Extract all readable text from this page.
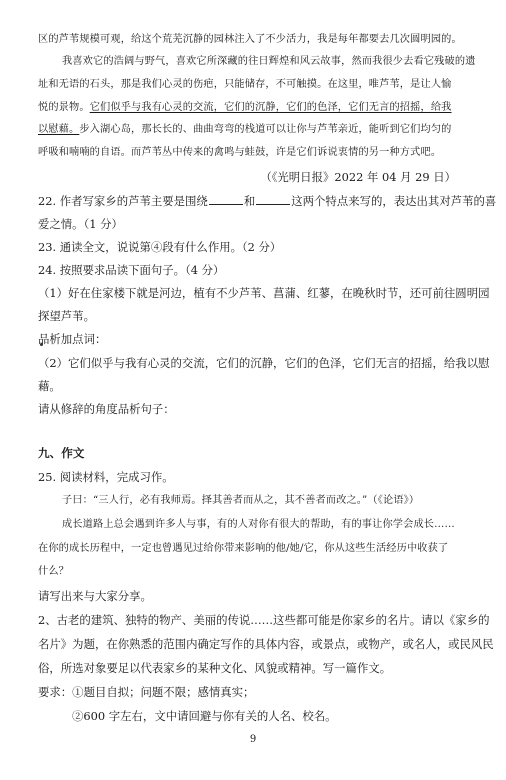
区的芦苇规模可观，给这个荒芜沉静的园林注入了不少活力，我是每年都要去几次圆明园的。
我喜欢它的浩阔与野气，喜欢它所深藏的往日辉煌和风云故事，然而我很少去看它残破的遗
址和无语的石头，那是我们心灵的伤疤，只能储存，不可触摸。在这里，唯芦苇，是让人愉
悦的景物。它们似乎与我有心灵的交流，它们的沉静，它们的色泽，它们无言的招摇，给我
以慰藉。步入湖心岛，那长长的、曲曲弯弯的栈道可以让你与芦苇亲近，能听到它们均匀的
呼吸和喃喃的自语。而芦苇丛中传来的禽鸣与蛙鼓，许是它们诉说衷情的另一种方式吧。
（《光明日报》2022 年 04 月 29 日）
22. 作者写家乡的芦苇主要是围绕	和	这两个特点来写的，表达出其对芦苇的喜
爱之情。（1 分）
23. 通读全文，说说第④段有什么作用。（2 分）
24. 按照要求品读下面句子。（4 分）
（1）好在住家楼下就是河边，植有不少芦苇、菖蒲、红蓼，在晚秋时节，还可前往圆明园
探望芦苇。
品析加点词：
（2）它们似乎与我有心灵的交流，它们的沉静，它们的色泽，它们无言的招摇，给我以慰
藉。
请从修辞的角度品析句子：
九、作文
25. 阅读材料，完成习作。
子曰：“三人行，必有我师焉。择其善者而从之，其不善者而改之。”（《论语》）
成长道路上总会遇到许多人与事，有的人对你有很大的帮助，有的事让你学会成长……
在你的成长历程中，一定也曾遇见过给你带来影响的他/她/它，你从这些生活经历中收获了
什么？
请写出来与大家分享。
2、古老的建筑、独特的物产、美丽的传说……这些都可能是你家乡的名片。请以《家乡的
名片》为题，在你熟悉的范围内确定写作的具体内容，或景点，或物产，或名人，或民风民
俗，所选对象要足以代表家乡的某种文化、风貌或精神。写一篇作文。
要求：①题目自拟；问题不限；感情真实；
②600 字左右，文中请回避与你有关的人名、校名。
9
